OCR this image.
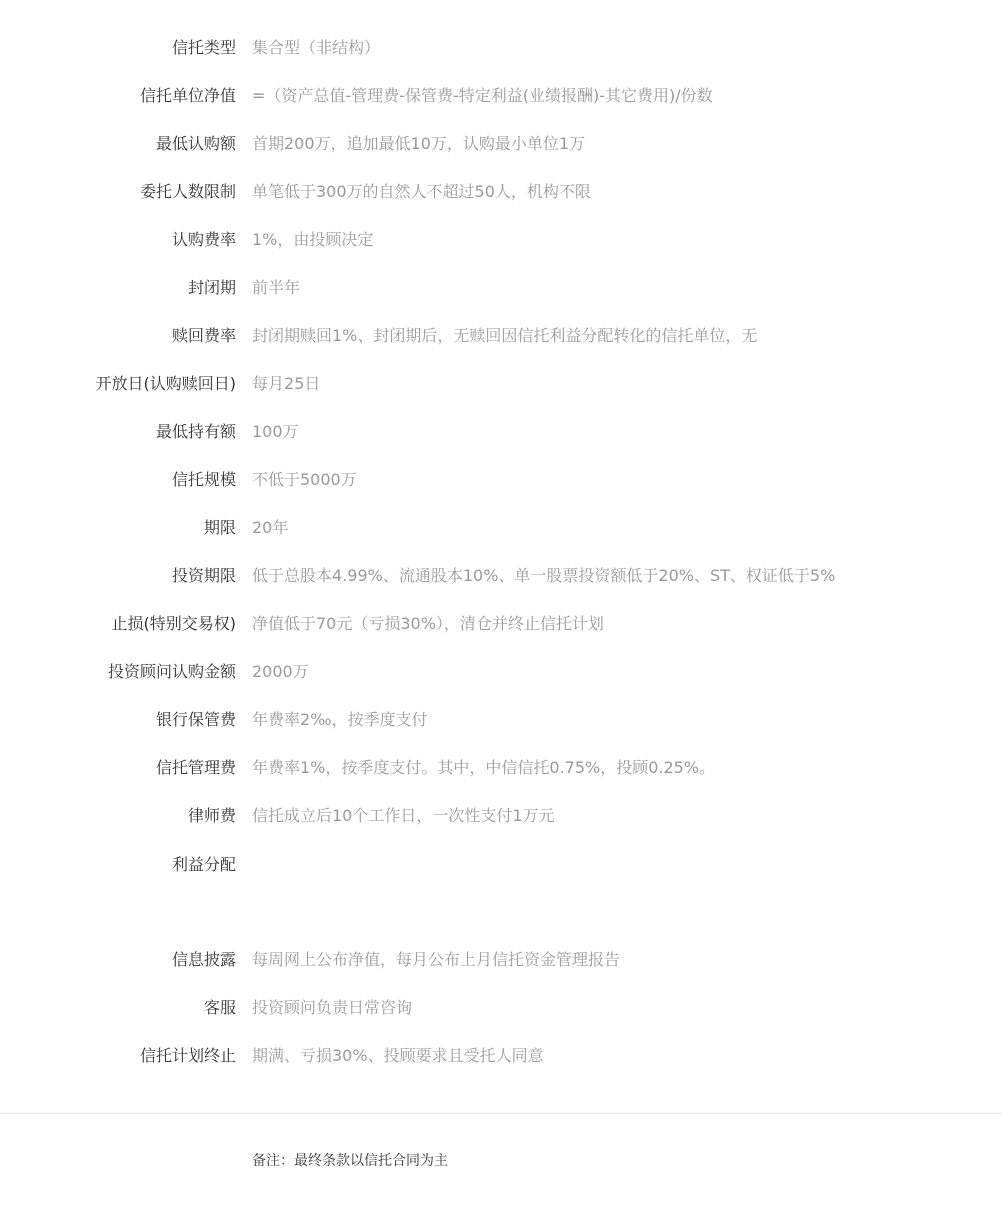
信托类型 集合型（非结构）
信托单位净值 =（资产总值-管理费-保管费-特定利益(业绩报酬)-其它费用)/份数
最低认购额 首期200万，追加最低10万，认购最小单位1万
委托人数限制 单笔低于300万的自然人不超过50人，机构不限
认购费率 1%，由投顾决定
封闭期 前半年
赎回费率 封闭期赎回1%、封闭期后，无赎回因信托利益分配转化的信托单位，无
开放日(认购赎回日) 每月25日
最低持有额 100万
信托规模 不低于5000万
期限 20年
投资期限 低于总股本4.99%、流通股本10%、单一股票投资额低于20%、ST、权证低于5%
止损(特别交易权) 净值低于70元（亏损30%），清仓并终止信托计划
投资顾问认购金额 2000万
银行保管费 年费率2‰，按季度支付
信托管理费 年费率1%，按季度支付。其中，中信信托0.75%，投顾0.25%。
律师费 信托成立后10个工作日，一次性支付1万元
利益分配
信息披露 每周网上公布净值，每月公布上月信托资金管理报告
客服 投资顾问负责日常咨询
信托计划终止 期满、亏损30%、投顾要求且受托人同意
备注：最终条款以信托合同为主
